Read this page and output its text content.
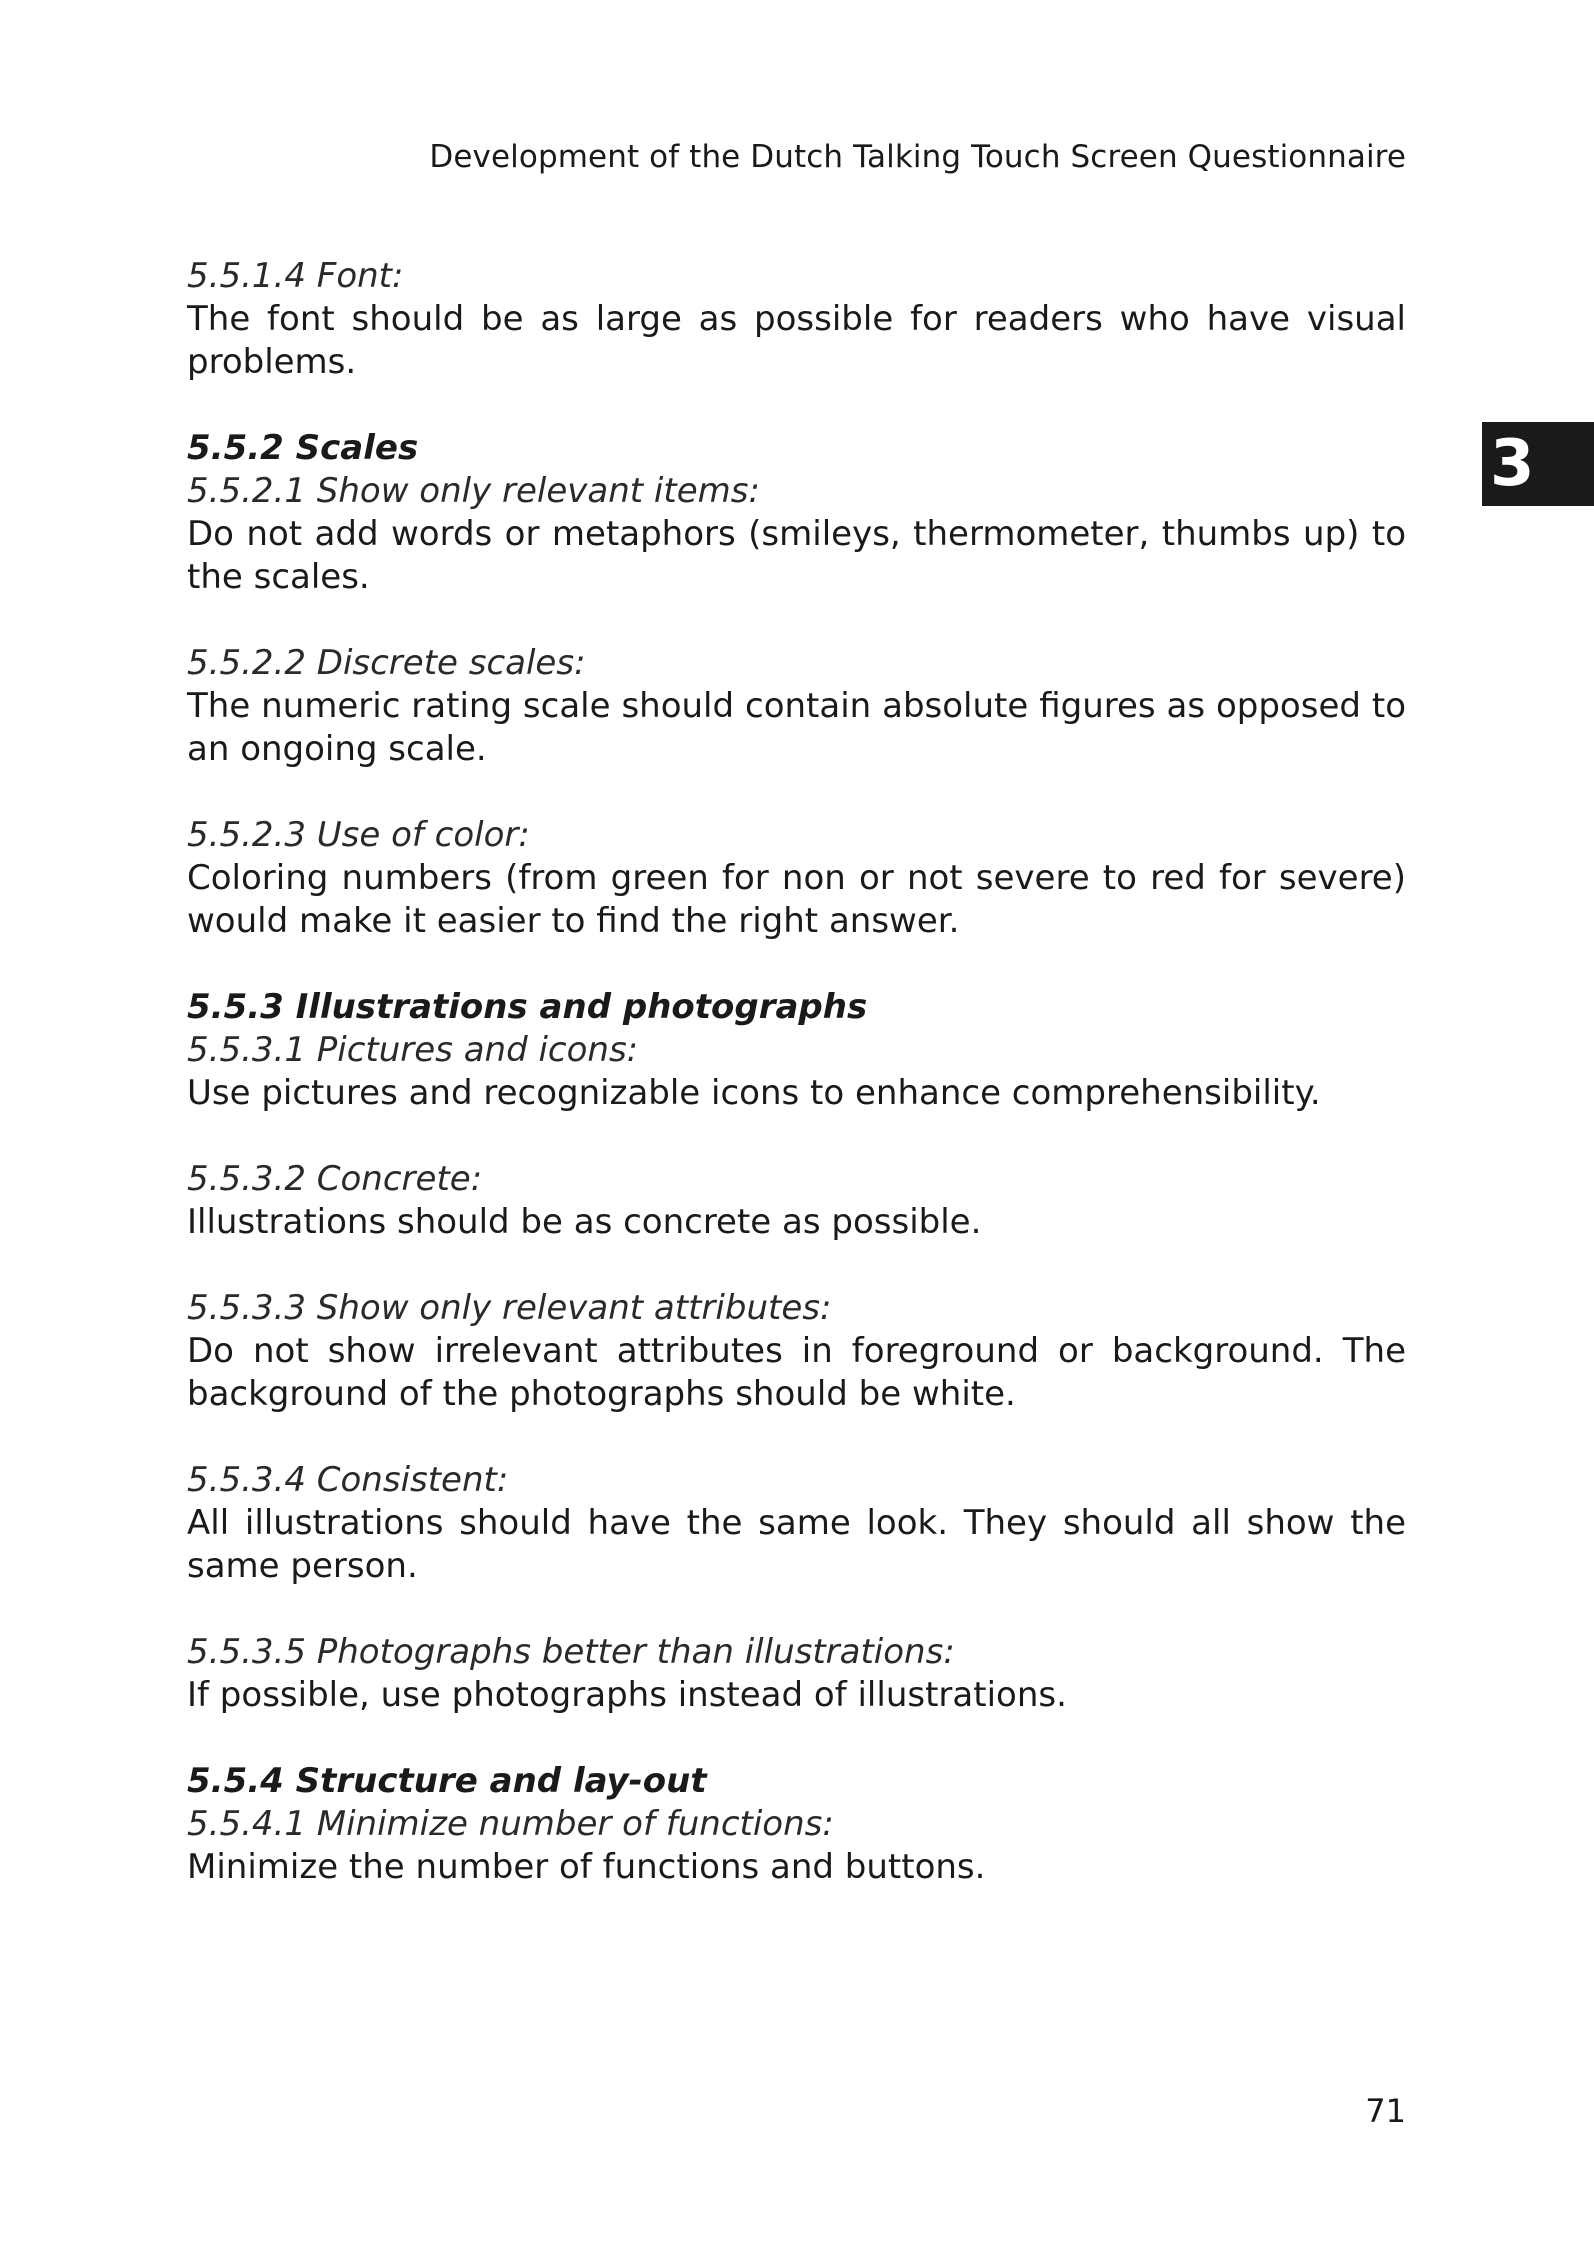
Development of the Dutch Talking Touch Screen Questionnaire
3
5.5.1.4 Font:
The font should be as large as possible for readers who have visual problems.
5.5.2 Scales
5.5.2.1 Show only relevant items:
Do not add words or metaphors (smileys, thermometer, thumbs up) to the scales.
5.5.2.2 Discrete scales:
The numeric rating scale should contain absolute figures as opposed to an ongoing scale.
5.5.2.3 Use of color:
Coloring numbers (from green for non or not severe to red for severe) would make it easier to find the right answer.
5.5.3 Illustrations and photographs
5.5.3.1 Pictures and icons:
Use pictures and recognizable icons to enhance comprehensibility.
5.5.3.2 Concrete:
Illustrations should be as concrete as possible.
5.5.3.3 Show only relevant attributes:
Do not show irrelevant attributes in foreground or background. The background of the photographs should be white.
5.5.3.4 Consistent:
All illustrations should have the same look. They should all show the same person.
5.5.3.5 Photographs better than illustrations:
If possible, use photographs instead of illustrations.
5.5.4 Structure and lay-out
5.5.4.1 Minimize number of functions:
Minimize the number of functions and buttons.
71
